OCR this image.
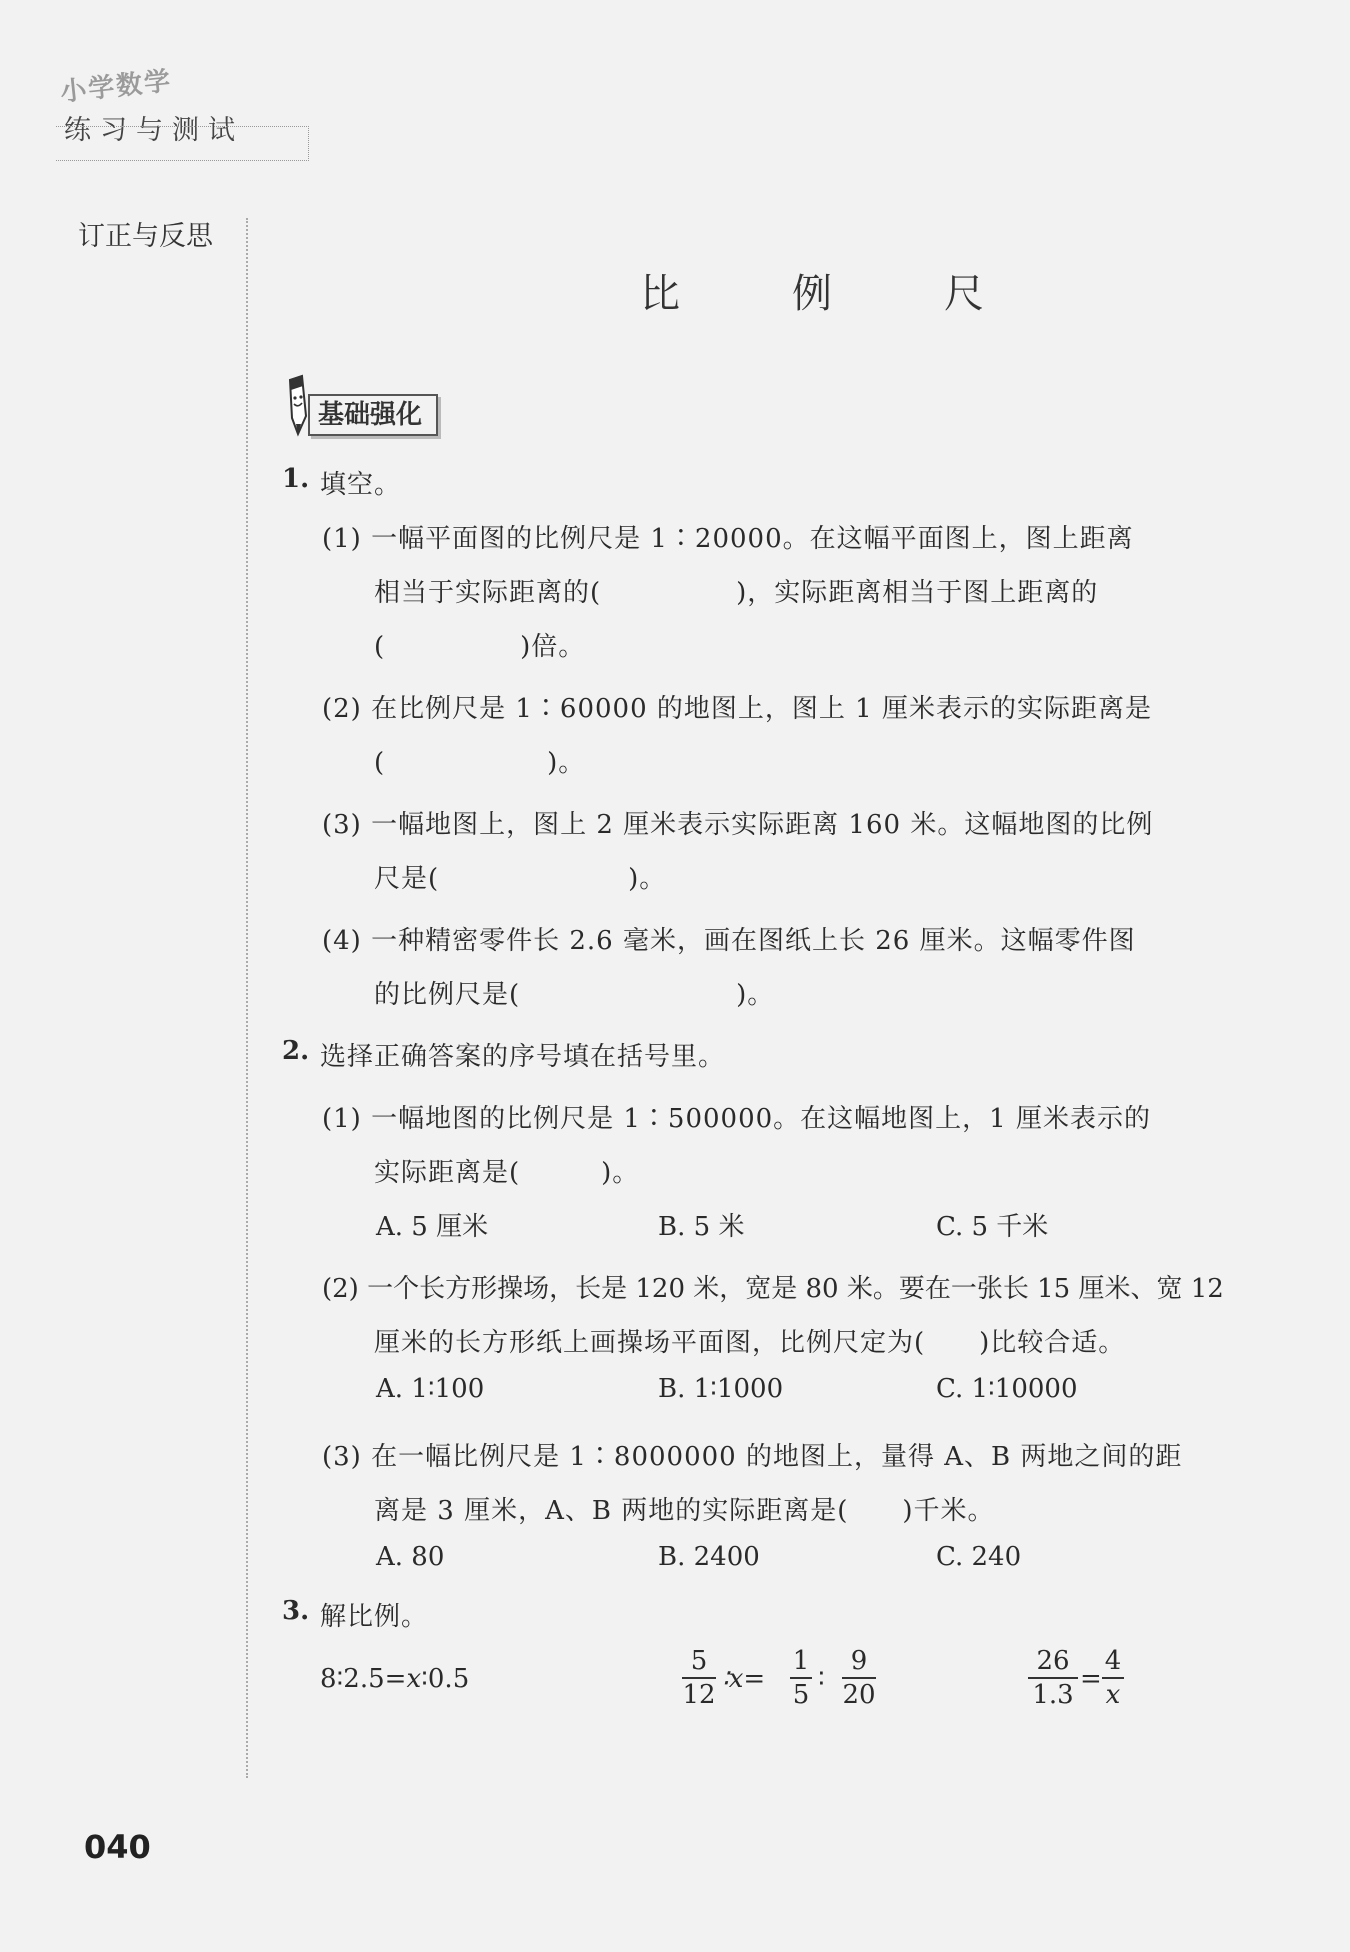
小学数学
练习与测试
订正与反思
比　例　尺
基础强化
1. 填空。
(1) 一幅平面图的比例尺是 1∶20000。在这幅平面图上，图上距离
相当于实际距离的(　　　　　)，实际距离相当于图上距离的
(　　　　　)倍。
(2) 在比例尺是 1∶60000 的地图上，图上 1 厘米表示的实际距离是
(　　　　　　)。
(3) 一幅地图上，图上 2 厘米表示实际距离 160 米。这幅地图的比例
尺是(　　　　　　　)。
(4) 一种精密零件长 2.6 毫米，画在图纸上长 26 厘米。这幅零件图
的比例尺是(　　　　　　　　)。
2. 选择正确答案的序号填在括号里。
(1) 一幅地图的比例尺是 1∶500000。在这幅地图上，1 厘米表示的
实际距离是(　　　)。
A. 5 厘米	B. 5 米	C. 5 千米
(2) 一个长方形操场，长是 120 米，宽是 80 米。要在一张长 15 厘米、宽 12
厘米的长方形纸上画操场平面图，比例尺定为(　　)比较合适。
A. 1∶100	B. 1∶1000	C. 1∶10000
(3) 在一幅比例尺是 1∶8000000 的地图上，量得 A、B 两地之间的距
离是 3 厘米，A、B 两地的实际距离是(　　)千米。
A. 80	B. 2400	C. 240
3. 解比例。
8∶2.5=x∶0.5
5
12
∶x=
1
5
∶
9
20
26
1.3
=
4
x
040
